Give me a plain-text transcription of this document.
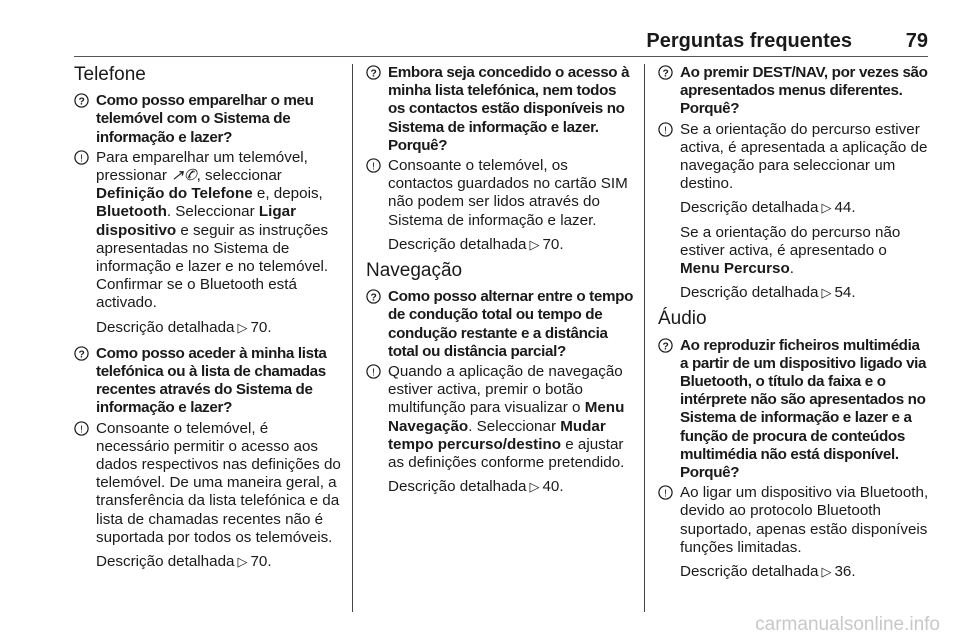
Perguntas frequentes	79
Telefone
? Como posso emparelhar o meu telemóvel com o Sistema de informação e lazer?
! Para emparelhar um telemóvel, pressionar ↗︎✆, seleccionar Definição do Telefone e, depois, Bluetooth. Seleccionar Ligar dispositivo e seguir as instruções apresentadas no Sistema de informação e lazer e no telemóvel. Confirmar se o Bluetooth está activado.
Descrição detalhada ▷ 70.
? Como posso aceder à minha lista telefónica ou à lista de chamadas recentes através do Sistema de informação e lazer?
! Consoante o telemóvel, é necessário permitir o acesso aos dados respectivos nas definições do telemóvel. De uma maneira geral, a transferência da lista telefónica e da lista de chamadas recentes não é suportada por todos os telemóveis.
Descrição detalhada ▷ 70.
? Embora seja concedido o acesso à minha lista telefónica, nem todos os contactos estão disponíveis no Sistema de informação e lazer. Porquê?
! Consoante o telemóvel, os contactos guardados no cartão SIM não podem ser lidos através do Sistema de informação e lazer.
Descrição detalhada ▷ 70.
Navegação
? Como posso alternar entre o tempo de condução total ou tempo de condução restante e a distância total ou distância parcial?
! Quando a aplicação de navegação estiver activa, premir o botão multifunção para visualizar o Menu Navegação. Seleccionar Mudar tempo percurso/destino e ajustar as definições conforme pretendido.
Descrição detalhada ▷ 40.
? Ao premir DEST/NAV, por vezes são apresentados menus diferentes. Porquê?
! Se a orientação do percurso estiver activa, é apresentada a aplicação de navegação para seleccionar um destino.
Descrição detalhada ▷ 44.
Se a orientação do percurso não estiver activa, é apresentado o Menu Percurso.
Descrição detalhada ▷ 54.
Áudio
? Ao reproduzir ficheiros multimédia a partir de um dispositivo ligado via Bluetooth, o título da faixa e o intérprete não são apresentados no Sistema de informação e lazer e a função de procura de conteúdos multimédia não está disponível. Porquê?
! Ao ligar um dispositivo via Bluetooth, devido ao protocolo Bluetooth suportado, apenas estão disponíveis funções limitadas.
Descrição detalhada ▷ 36.
carmanualsonline.info
